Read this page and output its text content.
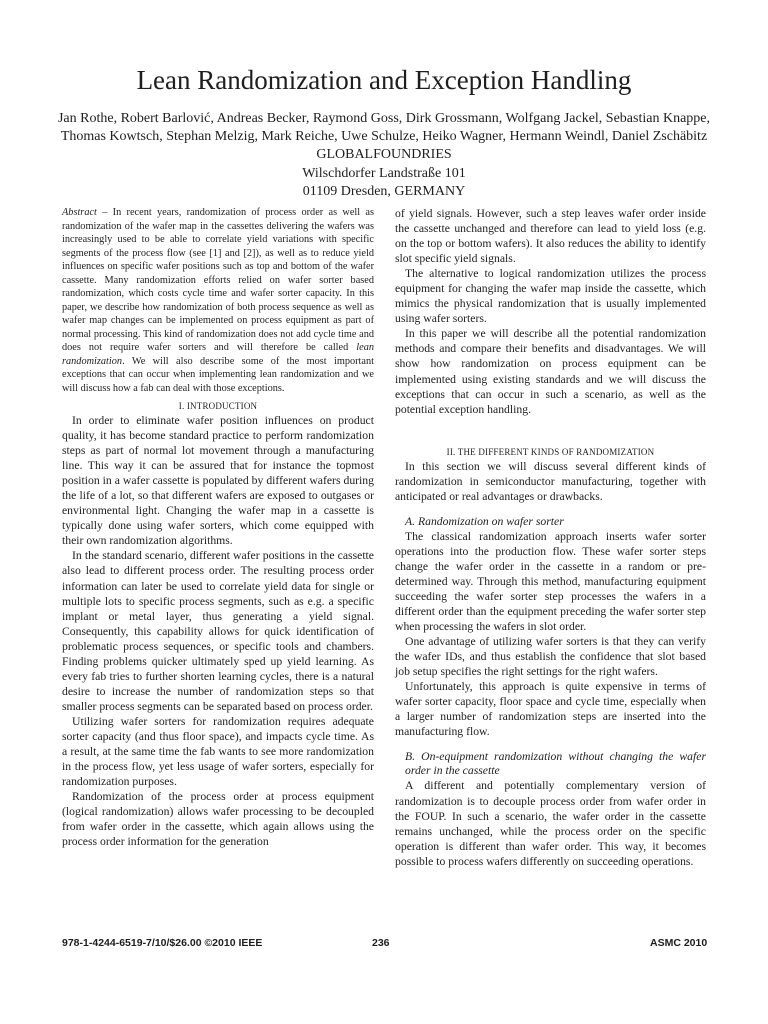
Lean Randomization and Exception Handling
Jan Rothe, Robert Barlović, Andreas Becker, Raymond Goss, Dirk Grossmann, Wolfgang Jackel, Sebastian Knappe,
Thomas Kowtsch, Stephan Melzig, Mark Reiche, Uwe Schulze, Heiko Wagner, Hermann Weindl, Daniel Zschäbitz
GLOBALFOUNDRIES
Wilschdorfer Landstraße 101
01109 Dresden, GERMANY

Abstract – In recent years, randomization of process order as well as randomization of the wafer map in the cassettes delivering the wafers was increasingly used to be able to correlate yield variations with specific segments of the process flow (see [1] and [2]), as well as to reduce yield influences on specific wafer positions such as top and bottom of the wafer cassette. Many randomization efforts relied on wafer sorter based randomization, which costs cycle time and wafer sorter capacity. In this paper, we describe how randomization of both process sequence as well as wafer map changes can be implemented on process equipment as part of normal processing. This kind of randomization does not add cycle time and does not require wafer sorters and will therefore be called lean randomization. We will also describe some of the most important exceptions that can occur when implementing lean randomization and we will discuss how a fab can deal with those exceptions.

I. INTRODUCTION

In order to eliminate wafer position influences on product quality, it has become standard practice to perform randomization steps as part of normal lot movement through a manufacturing line. This way it can be assured that for instance the topmost position in a wafer cassette is populated by different wafers during the life of a lot, so that different wafers are exposed to outgases or environmental light. Changing the wafer map in a cassette is typically done using wafer sorters, which come equipped with their own randomization algorithms.

In the standard scenario, different wafer positions in the cassette also lead to different process order. The resulting process order information can later be used to correlate yield data for single or multiple lots to specific process segments, such as e.g. a specific implant or metal layer, thus generating a yield signal. Consequently, this capability allows for quick identification of problematic process sequences, or specific tools and chambers. Finding problems quicker ultimately sped up yield learning. As every fab tries to further shorten learning cycles, there is a natural desire to increase the number of randomization steps so that smaller process segments can be separated based on process order.

Utilizing wafer sorters for randomization requires adequate sorter capacity (and thus floor space), and impacts cycle time. As a result, at the same time the fab wants to see more randomization in the process flow, yet less usage of wafer sorters, especially for randomization purposes.

Randomization of the process order at process equipment (logical randomization) allows wafer processing to be decoupled from wafer order in the cassette, which again allows using the process order information for the generation

of yield signals. However, such a step leaves wafer order inside the cassette unchanged and therefore can lead to yield loss (e.g. on the top or bottom wafers). It also reduces the ability to identify slot specific yield signals.

The alternative to logical randomization utilizes the process equipment for changing the wafer map inside the cassette, which mimics the physical randomization that is usually implemented using wafer sorters.

In this paper we will describe all the potential randomization methods and compare their benefits and disadvantages. We will show how randomization on process equipment can be implemented using existing standards and we will discuss the exceptions that can occur in such a scenario, as well as the potential exception handling.

II. THE DIFFERENT KINDS OF RANDOMIZATION

In this section we will discuss several different kinds of randomization in semiconductor manufacturing, together with anticipated or real advantages or drawbacks.

A. Randomization on wafer sorter

The classical randomization approach inserts wafer sorter operations into the production flow. These wafer sorter steps change the wafer order in the cassette in a random or pre-determined way. Through this method, manufacturing equipment succeeding the wafer sorter step processes the wafers in a different order than the equipment preceding the wafer sorter step when processing the wafers in slot order.

One advantage of utilizing wafer sorters is that they can verify the wafer IDs, and thus establish the confidence that slot based job setup specifies the right settings for the right wafers.

Unfortunately, this approach is quite expensive in terms of wafer sorter capacity, floor space and cycle time, especially when a larger number of randomization steps are inserted into the manufacturing flow.

B. On-equipment randomization without changing the wafer order in the cassette

A different and potentially complementary version of randomization is to decouple process order from wafer order in the FOUP. In such a scenario, the wafer order in the cassette remains unchanged, while the process order on the specific operation is different than wafer order. This way, it becomes possible to process wafers differently on succeeding operations.

978-1-4244-6519-7/10/$26.00 ©2010 IEEE	236	ASMC 2010
